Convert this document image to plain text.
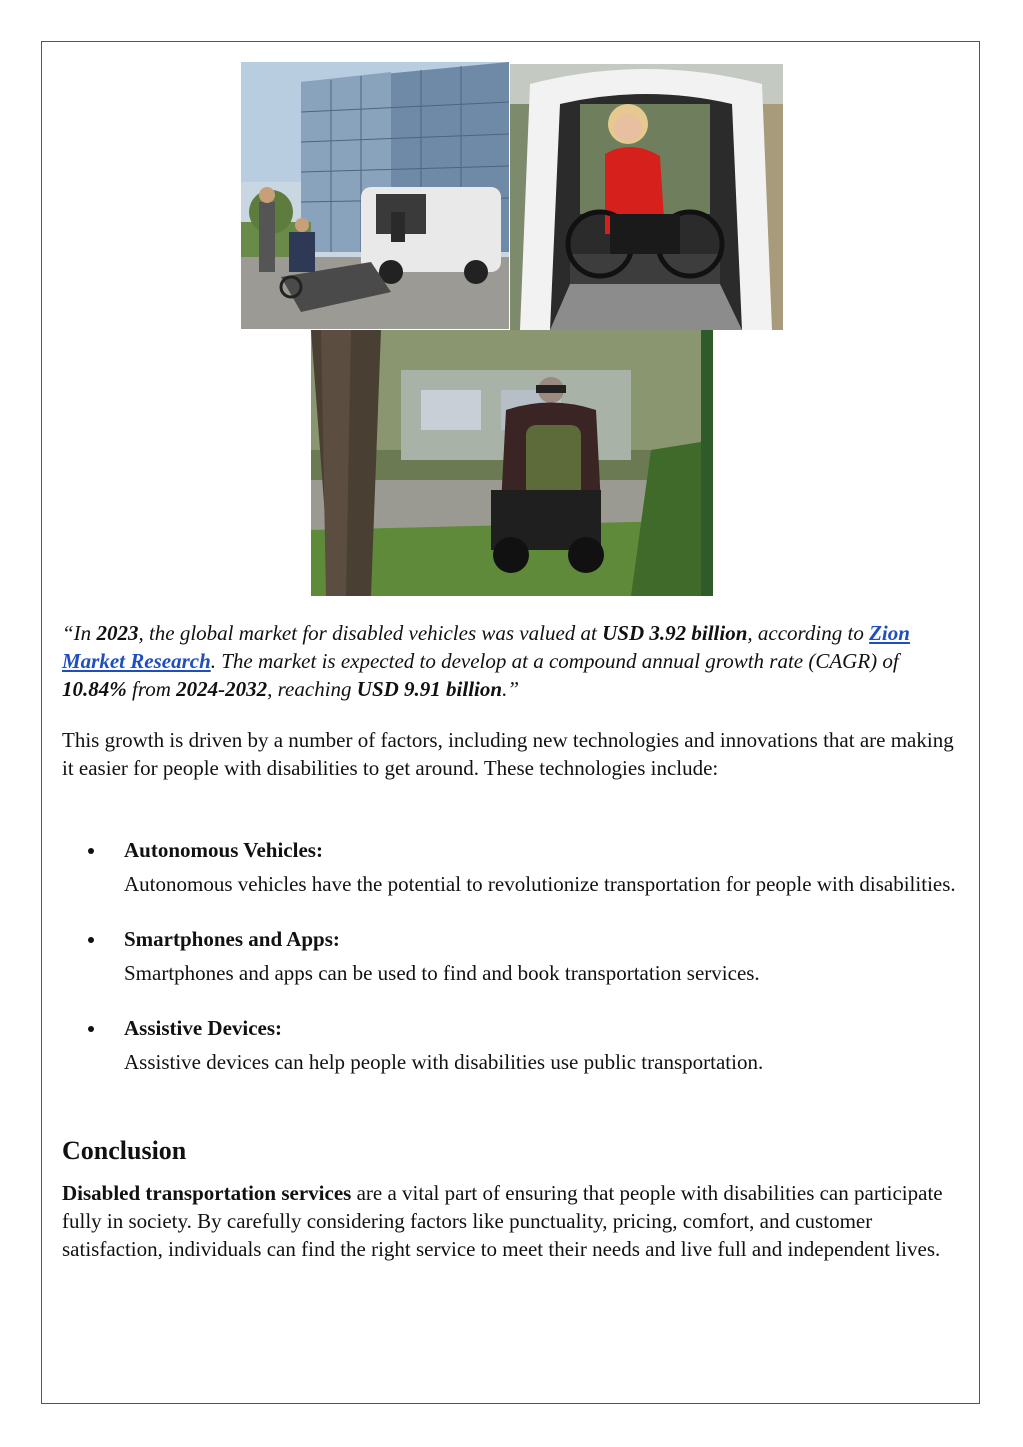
“In 2023, the global market for disabled vehicles was valued at USD 3.92 billion, according to Zion Market Research. The market is expected to develop at a compound annual growth rate (CAGR) of 10.84% from 2024-2032, reaching USD 9.91 billion.”

This growth is driven by a number of factors, including new technologies and innovations that are making it easier for people with disabilities to get around. These technologies include:

Autonomous Vehicles:
Autonomous vehicles have the potential to revolutionize transportation for people with disabilities.
Smartphones and Apps:
Smartphones and apps can be used to find and book transportation services.
Assistive Devices:
Assistive devices can help people with disabilities use public transportation.
Conclusion

Disabled transportation services are a vital part of ensuring that people with disabilities can participate fully in society. By carefully considering factors like punctuality, pricing, comfort, and customer satisfaction, individuals can find the right service to meet their needs and live full and independent lives.
